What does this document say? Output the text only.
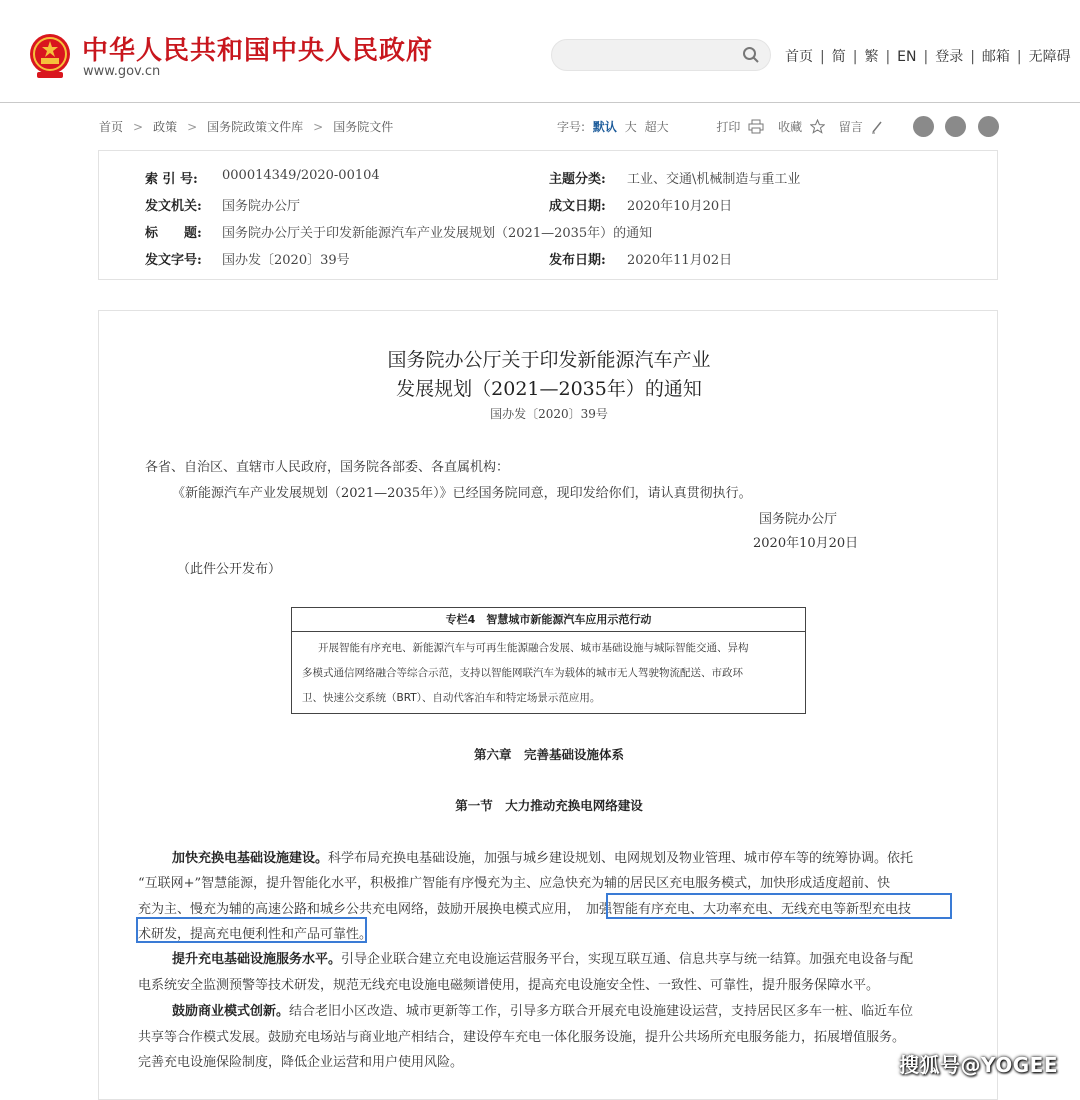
中华人民共和国中央人民政府
www.gov.cn
首页 | 简 | 繁 | EN | 登录 | 邮箱 | 无障碍
首页 > 政策 > 国务院政策文件库 > 国务院文件	字号: 默认 大 超大	打印	收藏	留言
索 引 号: 000014349/2020-00104	主题分类: 工业、交通\机械制造与重工业
发文机关: 国务院办公厅	成文日期: 2020年10月20日
标　　题: 国务院办公厅关于印发新能源汽车产业发展规划（2021—2035年）的通知
发文字号: 国办发〔2020〕39号	发布日期: 2020年11月02日
国务院办公厅关于印发新能源汽车产业
发展规划（2021—2035年）的通知
国办发〔2020〕39号
各省、自治区、直辖市人民政府，国务院各部委、各直属机构：
《新能源汽车产业发展规划（2021—2035年）》已经国务院同意，现印发给你们，请认真贯彻执行。
国务院办公厅
2020年10月20日
（此件公开发布）
专栏4　智慧城市新能源汽车应用示范行动
开展智能有序充电、新能源汽车与可再生能源融合发展、城市基础设施与城际智能交通、异构
多模式通信网络融合等综合示范，支持以智能网联汽车为载体的城市无人驾驶物流配送、市政环
卫、快速公交系统（BRT）、自动代客泊车和特定场景示范应用。
第六章　完善基础设施体系
第一节　大力推动充换电网络建设
加快充换电基础设施建设。科学布局充换电基础设施，加强与城乡建设规划、电网规划及物业管理、城市停车等的统筹协调。依托
“互联网+”智慧能源，提升智能化水平，积极推广智能有序慢充为主、应急快充为辅的居民区充电服务模式，加快形成适度超前、快
充为主、慢充为辅的高速公路和城乡公共充电网络，鼓励开展换电模式应用， 加强智能有序充电、大功率充电、无线充电等新型充电技
术研发，提高充电便利性和产品可靠性。
提升充电基础设施服务水平。引导企业联合建立充电设施运营服务平台，实现互联互通、信息共享与统一结算。加强充电设备与配
电系统安全监测预警等技术研发，规范无线充电设施电磁频谱使用，提高充电设施安全性、一致性、可靠性，提升服务保障水平。
鼓励商业模式创新。结合老旧小区改造、城市更新等工作，引导多方联合开展充电设施建设运营，支持居民区多车一桩、临近车位
共享等合作模式发展。鼓励充电场站与商业地产相结合，建设停车充电一体化服务设施，提升公共场所充电服务能力，拓展增值服务。
完善充电设施保险制度，降低企业运营和用户使用风险。	搜狐号@YOGEE
